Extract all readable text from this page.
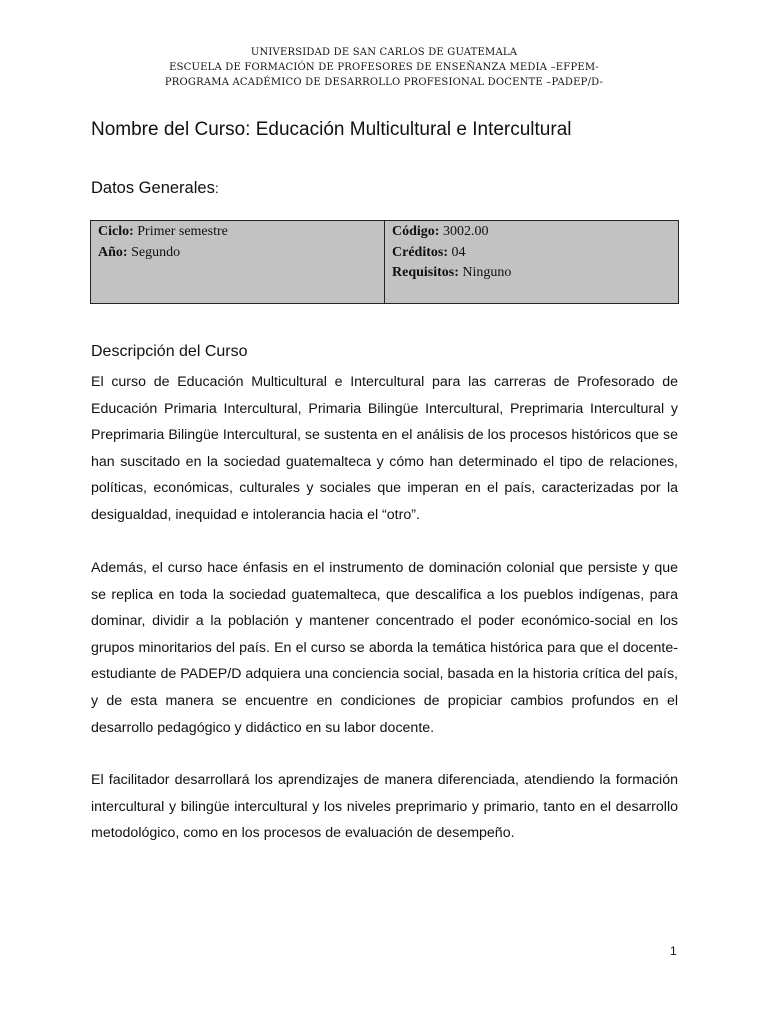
UNIVERSIDAD DE SAN CARLOS DE GUATEMALA
ESCUELA DE FORMACIÓN DE PROFESORES DE ENSEÑANZA MEDIA –EFPEM-
PROGRAMA ACADÉMICO DE DESARROLLO PROFESIONAL DOCENTE –PADEP/D-
Nombre del Curso: Educación Multicultural e Intercultural
Datos Generales:
Ciclo: Primer semestre
Año: Segundo

Código: 3002.00
Créditos: 04
Requisitos: Ninguno
Descripción del Curso

El curso de Educación Multicultural e Intercultural para las carreras de Profesorado de Educación Primaria Intercultural, Primaria Bilingüe Intercultural, Preprimaria Intercultural y Preprimaria Bilingüe Intercultural, se sustenta en el análisis de los procesos históricos que se han suscitado en la sociedad guatemalteca y cómo han determinado el tipo de relaciones, políticas, económicas, culturales y sociales que imperan en el país, caracterizadas por la desigualdad, inequidad e intolerancia hacia el “otro”.

Además, el curso hace énfasis en el instrumento de dominación colonial que persiste y que se replica en toda la sociedad guatemalteca, que descalifica a los pueblos indígenas, para dominar, dividir a la población y mantener concentrado el poder económico-social en los grupos minoritarios del país. En el curso se aborda la temática histórica para que el docente-estudiante de PADEP/D adquiera una conciencia social, basada en la historia crítica del país, y de esta manera se encuentre en condiciones de propiciar cambios profundos en el desarrollo pedagógico y didáctico en su labor docente.

El facilitador desarrollará los aprendizajes de manera diferenciada, atendiendo la formación intercultural y bilingüe intercultural y los niveles preprimario y primario, tanto en el desarrollo metodológico, como en los procesos de evaluación de desempeño.

1
